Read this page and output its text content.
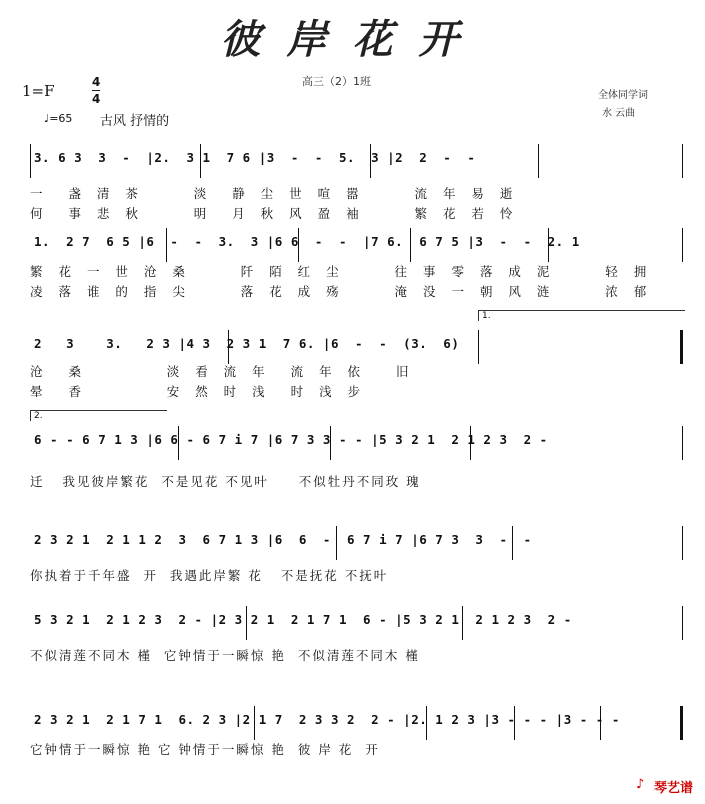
彼岸花开
高三（2）1班
1=F	$\frac{4}{4}$
♩=65 古风 抒情的
全体同学词
水 云曲
3. 6 3  3  -  |2.  3 1  7 6 |3  -  -  5.  3 |2  2  -  -
一  盏 清 茶     淡  静 尘 世 喧 嚣     流 年 易 逝
何  事 悲 秋     明  月 秋 风 盈 袖     繁 花 若 怜
1.  2 7  6 5 |6  -  -  3.  3 |6 6  -  -  |7 6.  6 7 5 |3  -  -  2. 1
繁 花 一 世 沧 桑     阡 陌 红 尘     往 事 零 落 成 泥     轻 拥
凌 落 谁 的 指 尖     落 花 成 殇     淹 没 一 朝 风 涟     浓 郁
1.
2   3    3.   2 3 |4 3  2 3 1  7 6. |6  -  -  (3.  6)
沧  桑        淡 看 流 年  流 年 依   旧
晕  香        安 然 时 浅  时 浅 步
2.
6 - - 6 7 1 3 |6 6 - 6 7 i 7 |6 7 3 3 - - |5 3 2 1  2 1 2 3  2 -
迁   我见彼岸繁花  不是见花 不见叶     不似牡丹不同玫 瑰
2 3 2 1  2 1 1 2  3  6 7 1 3 |6  6  -  6 7 i 7 |6 7 3  3  -  -
你执着于千年盛  开  我遇此岸繁 花   不是抚花 不抚叶
5 3 2 1  2 1 2 3  2 - |2 3 2 1  2 1 7 1  6 - |5 3 2 1  2 1 2 3  2 -
不似清莲不同木 槿  它钟情于一瞬惊 艳  不似清莲不同木 槿
2 3 2 1  2 1 7 1  6. 2 3 |2 1 7  2 3 3 2  2 - |2. 1 2 3 |3 - - - |3 - - -
它钟情于一瞬惊 艳 它 钟情于一瞬惊 艳  彼 岸 花  开
♪ 琴艺谱
